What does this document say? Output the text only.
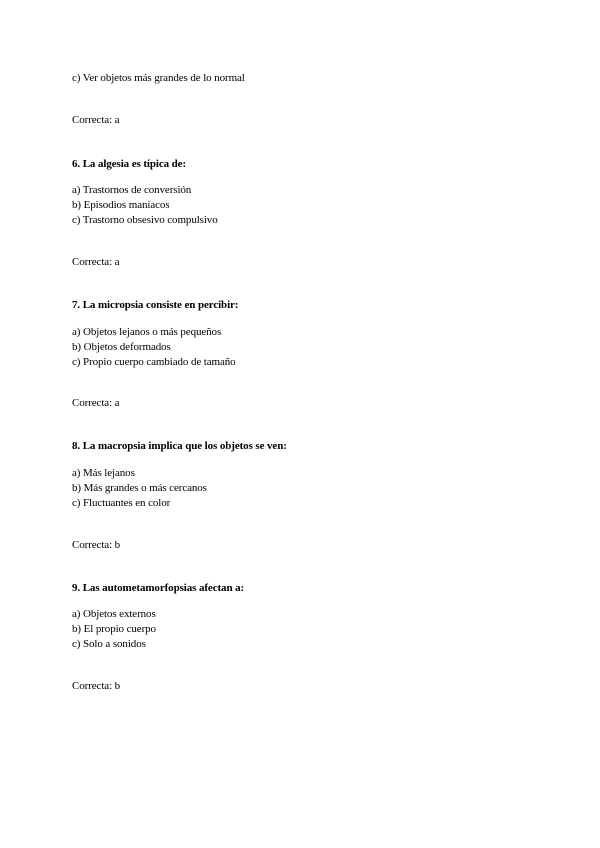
c) Ver objetos más grandes de lo normal
Correcta: a
6. La algesia es típica de:
a) Trastornos de conversión
b) Episodios maníacos
c) Trastorno obsesivo compulsivo
Correcta: a
7. La micropsia consiste en percibir:
a) Objetos lejanos o más pequeños
b) Objetos deformados
c) Propio cuerpo cambiado de tamaño
Correcta: a
8. La macropsia implica que los objetos se ven:
a) Más lejanos
b) Más grandes o más cercanos
c) Fluctuantes en color
Correcta: b
9. Las autometamorfopsias afectan a:
a) Objetos externos
b) El propio cuerpo
c) Solo a sonidos
Correcta: b
